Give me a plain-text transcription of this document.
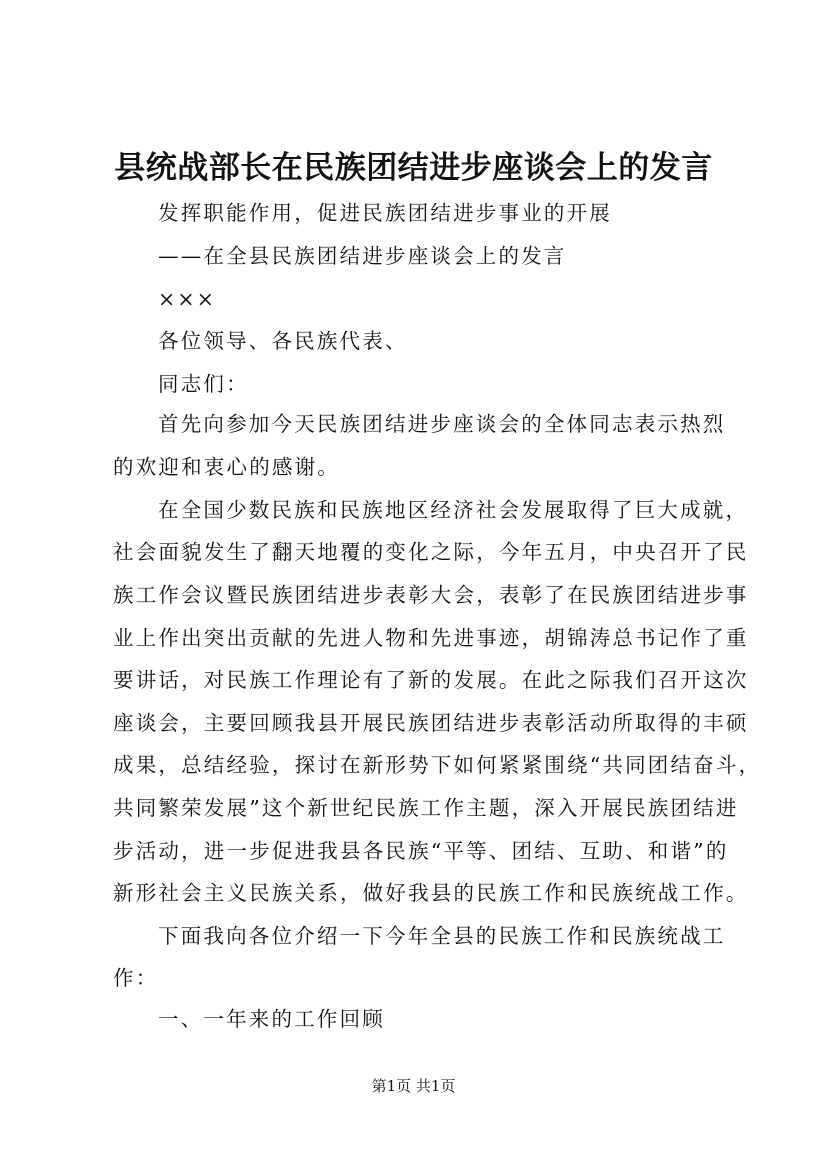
县统战部长在民族团结进步座谈会上的发言
发挥职能作用，促进民族团结进步事业的开展
——在全县民族团结进步座谈会上的发言
×××
各位领导、各民族代表、
同志们：
首先向参加今天民族团结进步座谈会的全体同志表示热烈
的欢迎和衷心的感谢。
在全国少数民族和民族地区经济社会发展取得了巨大成就，
社会面貌发生了翻天地覆的变化之际，今年五月，中央召开了民
族工作会议暨民族团结进步表彰大会，表彰了在民族团结进步事
业上作出突出贡献的先进人物和先进事迹，胡锦涛总书记作了重
要讲话，对民族工作理论有了新的发展。在此之际我们召开这次
座谈会，主要回顾我县开展民族团结进步表彰活动所取得的丰硕
成果，总结经验，探讨在新形势下如何紧紧围绕“共同团结奋斗，
共同繁荣发展”这个新世纪民族工作主题，深入开展民族团结进
步活动，进一步促进我县各民族“平等、团结、互助、和谐”的
新形社会主义民族关系，做好我县的民族工作和民族统战工作。
下面我向各位介绍一下今年全县的民族工作和民族统战工
作：
一、一年来的工作回顾
第1页 共1页
